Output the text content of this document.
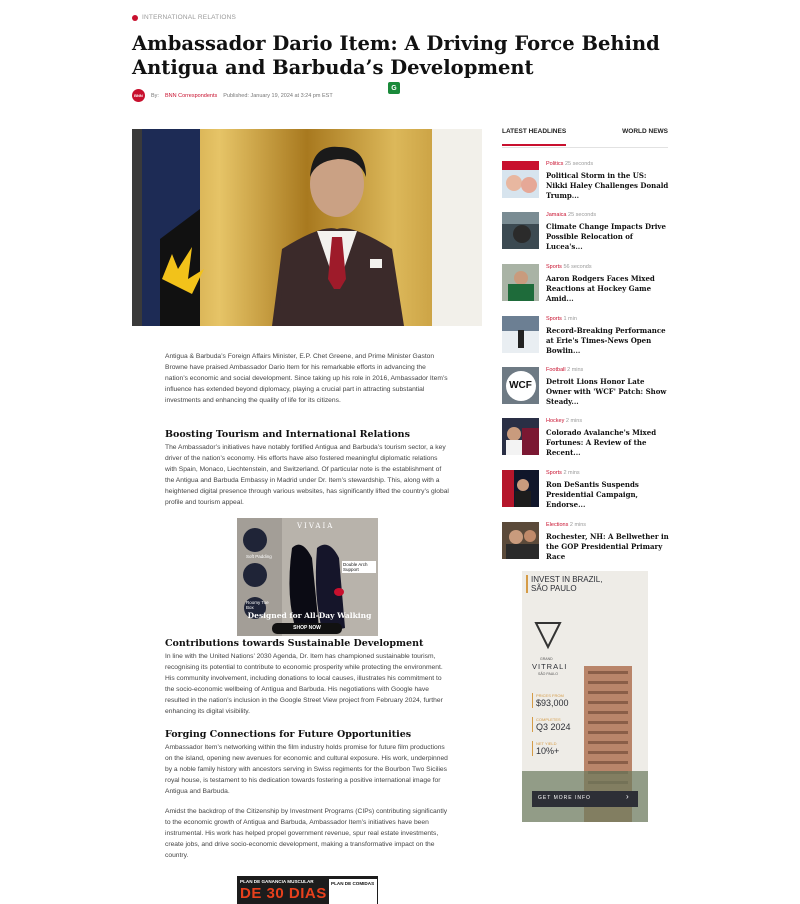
INTERNATIONAL RELATIONS
Ambassador Dario Item: A Driving Force Behind Antigua and Barbuda’s Development
BNN	By: BNN Correspondents Published: January 19, 2024 at 3:24 pm EST
G

Antigua & Barbuda’s Foreign Affairs Minister, E.P. Chet Greene, and Prime Minister Gaston Browne have praised Ambassador Dario Item for his remarkable efforts in advancing the nation’s economic and social development. Since taking up his role in 2016, Ambassador Item’s influence has extended beyond diplomacy, playing a crucial part in attracting substantial investments and enhancing the quality of life for its citizens.

Boosting Tourism and International Relations

The Ambassador’s initiatives have notably fortified Antigua and Barbuda’s tourism sector, a key driver of the nation’s economy. His efforts have also fostered meaningful diplomatic relations with Spain, Monaco, Liechtenstein, and Switzerland. Of particular note is the establishment of the Antigua and Barbuda Embassy in Madrid under Dr. Item’s stewardship. This, along with a heightened digital presence through various websites, has significantly lifted the country’s global profile and tourism appeal.

VIVAIA
Soft Padding
Double Arch Support
Roomy Toe Box
Designed for All-Day Walking
SHOP NOW
Contributions towards Sustainable Development

In line with the United Nations’ 2030 Agenda, Dr. Item has championed sustainable tourism, recognising its potential to contribute to economic prosperity while protecting the environment. His community involvement, including donations to local causes, illustrates his commitment to the socio-economic wellbeing of Antigua and Barbuda. His negotiations with Google have resulted in the nation’s inclusion in the Google Street View project from February 2024, further enhancing its digital visibility.

Forging Connections for Future Opportunities

Ambassador Item’s networking within the film industry holds promise for future film productions on the island, opening new avenues for economic and cultural exposure. His work, underpinned by a noble family history with ancestors serving in Swiss regiments for the Bourbon Two Sicilies royal house, is testament to his dedication towards fostering a positive international image for Antigua and Barbuda.

Amidst the backdrop of the Citizenship by Investment Programs (CIPs) contributing significantly to the economic growth of Antigua and Barbuda, Ambassador Item’s initiatives have been instrumental. His work has helped propel government revenue, spur real estate investments, create jobs, and drive socio-economic development, making a transformative impact on the country.

PLAN DE GANANCIA MUSCULAR
DE 30 DIAS
PLAN DE COMIDAS
LATEST HEADLINES	WORLD NEWS
Politics 25 seconds
Political Storm in the US: Nikki Haley Challenges Donald Trump...
Jamaica 25 seconds
Climate Change Impacts Drive Possible Relocation of Lucea's...
Sports 56 seconds
Aaron Rodgers Faces Mixed Reactions at Hockey Game Amid...
Sports 1 min
Record-Breaking Performance at Erie's Times-News Open Bowlin...
WCF
Football 2 mins
Detroit Lions Honor Late Owner with 'WCF' Patch: Show Steady...
Hockey 2 mins
Colorado Avalanche's Mixed Fortunes: A Review of the Recent...
Sports 2 mins
Ron DeSantis Suspends Presidential Campaign, Endorse...
Elections 2 mins
Rochester, NH: A Bellwether in the GOP Presidential Primary Race
INVEST IN BRAZIL, SÃO PAULO
GRAND
VITRALI
SÃO PAULO
PRICES FROM
$93,000
COMPLETES
Q3 2024
NET YIELD
10%+
GET MORE INFO	›
